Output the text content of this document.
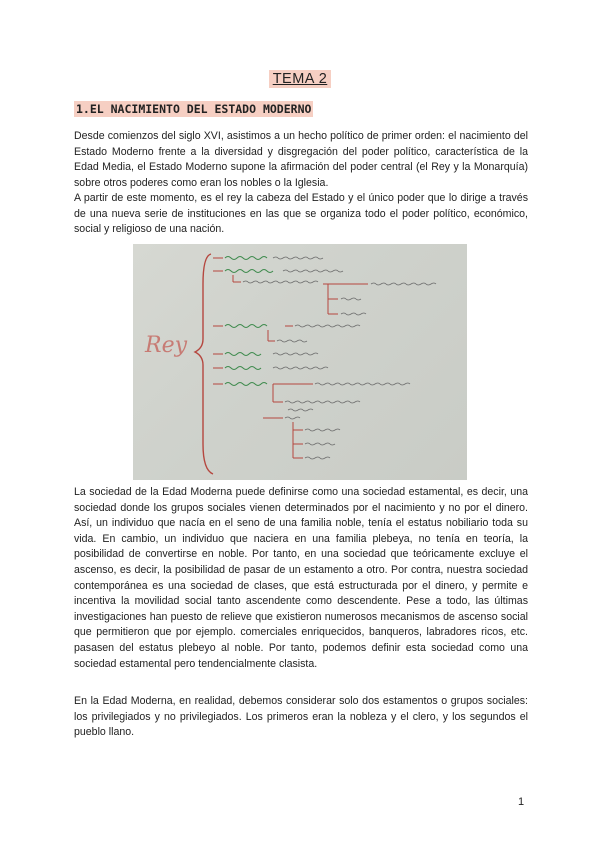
TEMA 2
1.EL NACIMIENTO DEL ESTADO MODERNO

Desde comienzos del siglo XVI, asistimos a un hecho político de primer orden: el nacimiento del Estado Moderno frente a la diversidad y disgregación del poder político, característica de la Edad Media, el Estado Moderno supone la afirmación del poder central (el Rey y la Monarquía) sobre otros poderes como eran los nobles o la Iglesia.

A partir de este momento, es el rey la cabeza del Estado y el único poder que lo dirige a través de una nueva serie de instituciones en las que se organiza todo el poder político, económico, social y religioso de una nación.

Rey

La sociedad de la Edad Moderna puede definirse como una sociedad estamental, es decir, una sociedad donde los grupos sociales vienen determinados por el nacimiento y no por el dinero. Así, un individuo que nacía en el seno de una familia noble, tenía el estatus nobiliario toda su vida. En cambio, un individuo que naciera en una familia plebeya, no tenía en teoría, la posibilidad de convertirse en noble. Por tanto, en una sociedad que teóricamente excluye el ascenso, es decir, la posibilidad de pasar de un estamento a otro. Por contra, nuestra sociedad contemporánea es una sociedad de clases, que está estructurada por el dinero, y permite e incentiva la movilidad social tanto ascendente como descendente. Pese a todo, las últimas investigaciones han puesto de relieve que existieron numerosos mecanismos de ascenso social que permitieron que por ejemplo. comerciales enriquecidos, banqueros, labradores ricos, etc. pasasen del estatus plebeyo al noble. Por tanto, podemos definir esta sociedad como una sociedad estamental pero tendencialmente clasista.

En la Edad Moderna, en realidad, debemos considerar solo dos estamentos o grupos sociales: los privilegiados y no privilegiados. Los primeros eran la nobleza y el clero, y los segundos el pueblo llano.

1
